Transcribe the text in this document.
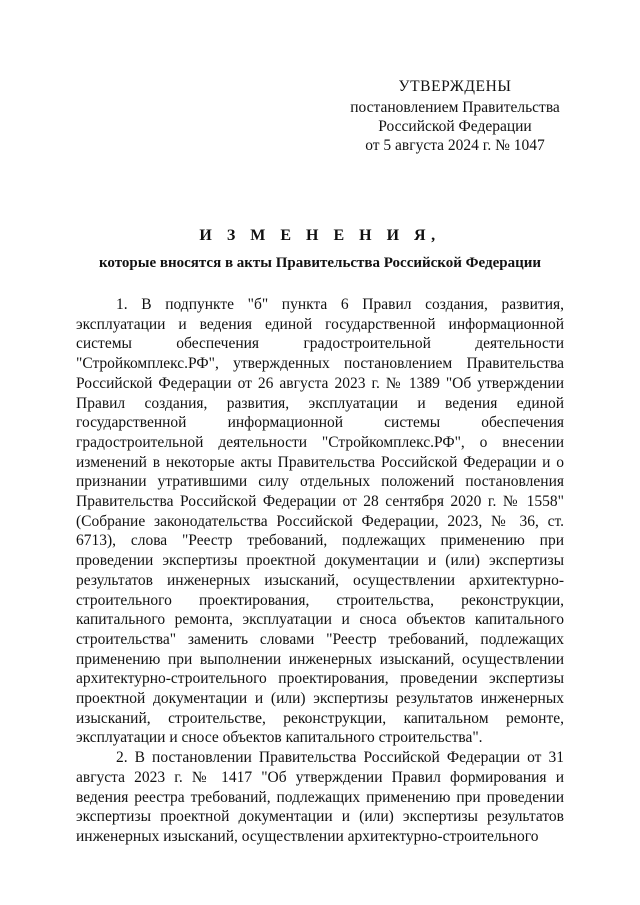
УТВЕРЖДЕНЫ
постановлением Правительства
Российской Федерации
от 5 августа 2024 г. № 1047
И З М Е Н Е Н И Я,
которые вносятся в акты Правительства Российской Федерации

1. В подпункте "б" пункта 6 Правил создания, развития, эксплуатации и ведения единой государственной информационной системы обеспечения градостроительной деятельности "Стройкомплекс.РФ", утвержденных постановлением Правительства Российской Федерации от 26 августа 2023 г. № 1389 "Об утверждении Правил создания, развития, эксплуатации и ведения единой государственной информационной системы обеспечения градостроительной деятельности "Стройкомплекс.РФ", о внесении изменений в некоторые акты Правительства Российской Федерации и о признании утратившими силу отдельных положений постановления Правительства Российской Федерации от 28 сентября 2020 г. № 1558" (Собрание законодательства Российской Федерации, 2023, № 36, ст. 6713), слова "Реестр требований, подлежащих применению при проведении экспертизы проектной документации и (или) экспертизы результатов инженерных изысканий, осуществлении архитектурно-строительного проектирования, строительства, реконструкции, капитального ремонта, эксплуатации и сноса объектов капитального строительства" заменить словами "Реестр требований, подлежащих применению при выполнении инженерных изысканий, осуществлении архитектурно-строительного проектирования, проведении экспертизы проектной документации и (или) экспертизы результатов инженерных изысканий, строительстве, реконструкции, капитальном ремонте, эксплуатации и сносе объектов капитального строительства".

2. В постановлении Правительства Российской Федерации от 31 августа 2023 г. № 1417 "Об утверждении Правил формирования и ведения реестра требований, подлежащих применению при проведении экспертизы проектной документации и (или) экспертизы результатов инженерных изысканий, осуществлении архитектурно-строительного
